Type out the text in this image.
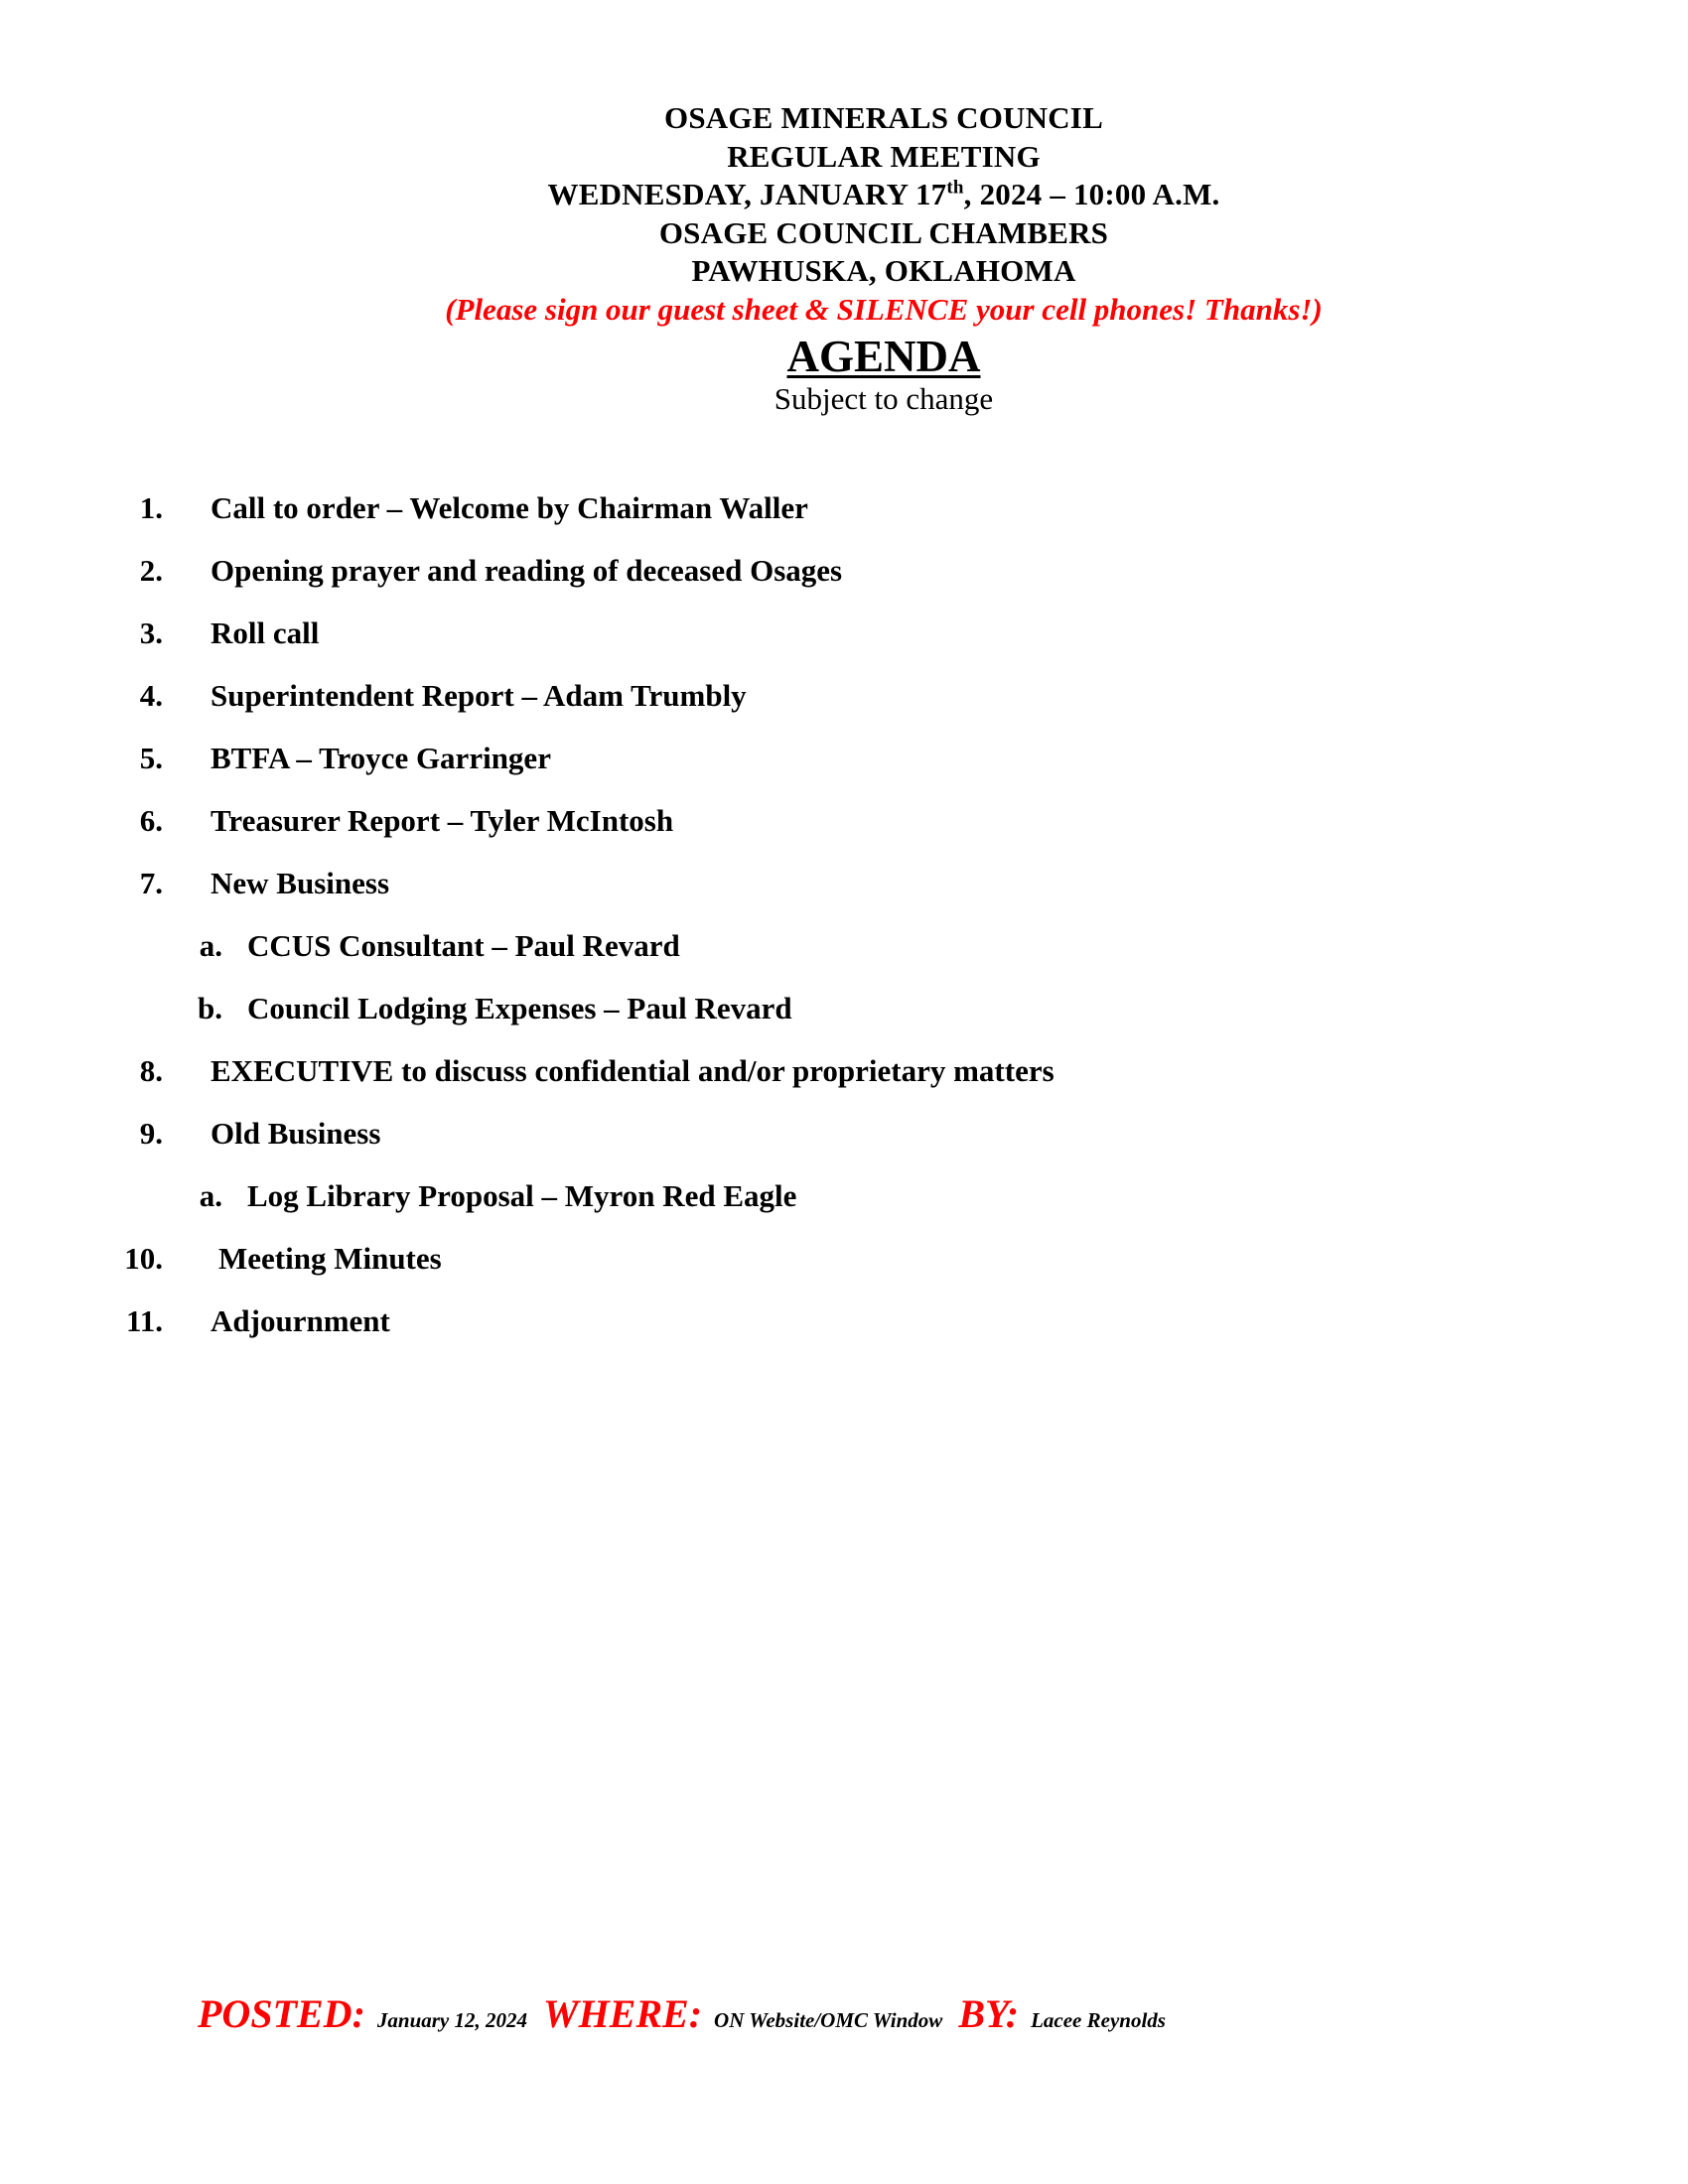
OSAGE MINERALS COUNCIL
REGULAR MEETING
WEDNESDAY, JANUARY 17th, 2024 – 10:00 A.M.
OSAGE COUNCIL CHAMBERS
PAWHUSKA, OKLAHOMA
(Please sign our guest sheet & SILENCE your cell phones! Thanks!)
AGENDA
Subject to change
1. Call to order – Welcome by Chairman Waller
2. Opening prayer and reading of deceased Osages
3. Roll call
4. Superintendent Report – Adam Trumbly
5. BTFA – Troyce Garringer
6. Treasurer Report – Tyler McIntosh
7. New Business
a. CCUS Consultant – Paul Revard
b. Council Lodging Expenses – Paul Revard
8. EXECUTIVE to discuss confidential and/or proprietary matters
9. Old Business
a. Log Library Proposal – Myron Red Eagle
10. Meeting Minutes
11. Adjournment
POSTED: January 12, 2024 WHERE: ON Website/OMC Window BY: Lacee Reynolds
